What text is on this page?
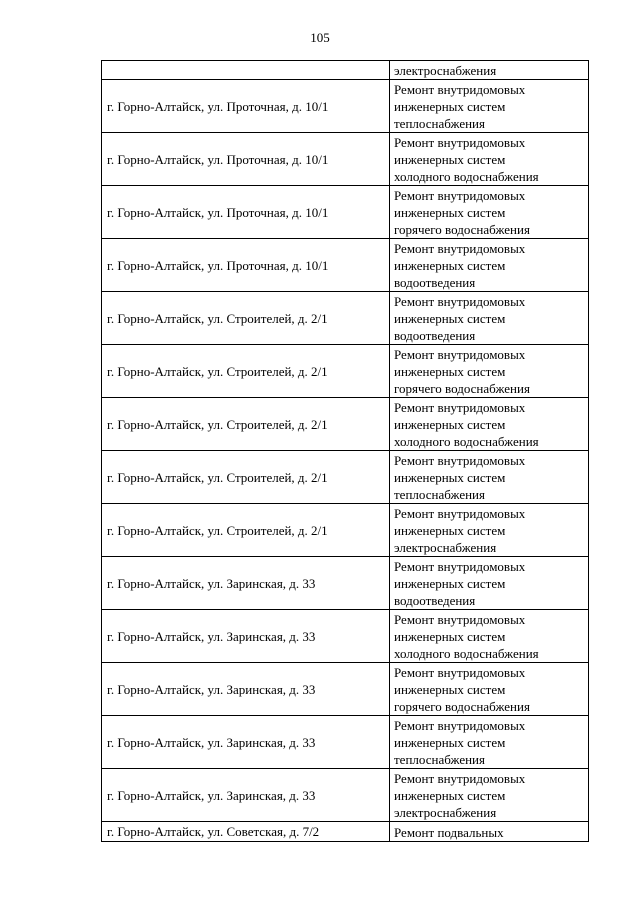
105
	электроснабжения
г. Горно-Алтайск, ул. Проточная, д. 10/1	Ремонт внутридомовых
инженерных систем
теплоснабжения
г. Горно-Алтайск, ул. Проточная, д. 10/1	Ремонт внутридомовых
инженерных систем
холодного водоснабжения
г. Горно-Алтайск, ул. Проточная, д. 10/1	Ремонт внутридомовых
инженерных систем
горячего водоснабжения
г. Горно-Алтайск, ул. Проточная, д. 10/1	Ремонт внутридомовых
инженерных систем
водоотведения
г. Горно-Алтайск, ул. Строителей, д. 2/1	Ремонт внутридомовых
инженерных систем
водоотведения
г. Горно-Алтайск, ул. Строителей, д. 2/1	Ремонт внутридомовых
инженерных систем
горячего водоснабжения
г. Горно-Алтайск, ул. Строителей, д. 2/1	Ремонт внутридомовых
инженерных систем
холодного водоснабжения
г. Горно-Алтайск, ул. Строителей, д. 2/1	Ремонт внутридомовых
инженерных систем
теплоснабжения
г. Горно-Алтайск, ул. Строителей, д. 2/1	Ремонт внутридомовых
инженерных систем
электроснабжения
г. Горно-Алтайск, ул. Заринская, д. 33	Ремонт внутридомовых
инженерных систем
водоотведения
г. Горно-Алтайск, ул. Заринская, д. 33	Ремонт внутридомовых
инженерных систем
холодного водоснабжения
г. Горно-Алтайск, ул. Заринская, д. 33	Ремонт внутридомовых
инженерных систем
горячего водоснабжения
г. Горно-Алтайск, ул. Заринская, д. 33	Ремонт внутридомовых
инженерных систем
теплоснабжения
г. Горно-Алтайск, ул. Заринская, д. 33	Ремонт внутридомовых
инженерных систем
электроснабжения
г. Горно-Алтайск, ул. Советская, д. 7/2	Ремонт подвальных
